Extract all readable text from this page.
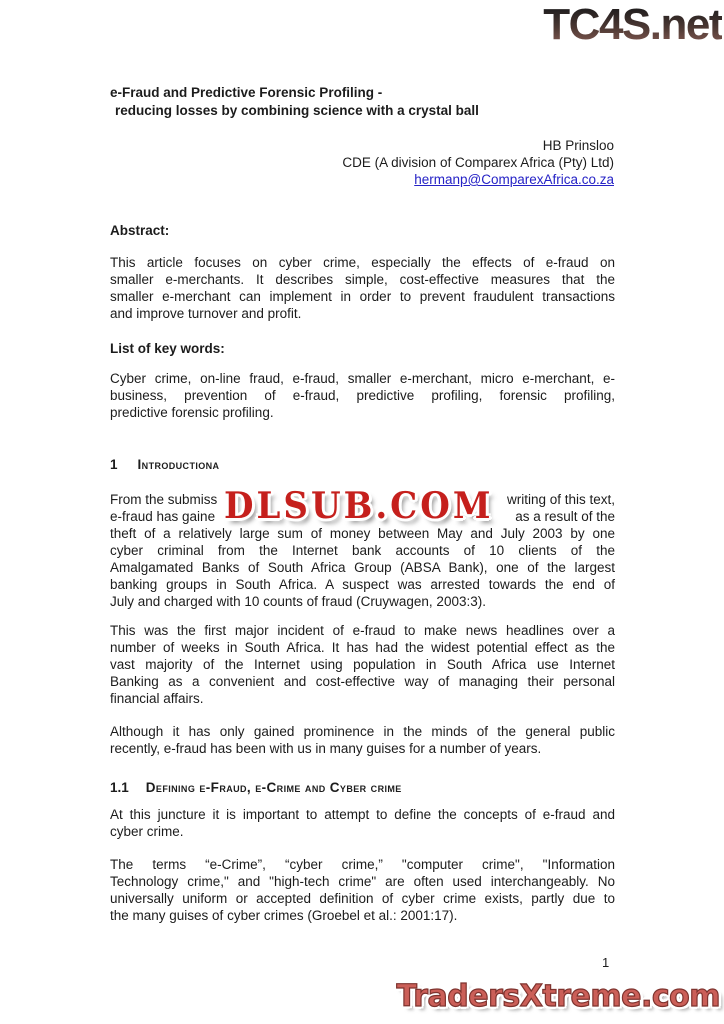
TC4S.net
e-Fraud and Predictive Forensic Profiling -
reducing losses by combining science with a crystal ball
HB Prinsloo
CDE (A division of Comparex Africa (Pty) Ltd)
hermanp@ComparexAfrica.co.za
Abstract:
This article focuses on cyber crime, especially the effects of e-fraud on
smaller e-merchants. It describes simple, cost-effective measures that the
smaller e-merchant can implement in order to prevent fraudulent transactions
and improve turnover and profit.
List of key words:
Cyber crime, on-line fraud, e-fraud, smaller e-merchant, micro e-merchant, e-
business, prevention of e-fraud, predictive profiling, forensic profiling,
predictive forensic profiling.
1 Introductiona
From the submiss	writing of this text,
e-fraud has gaine	as a result of the
theft of a relatively large sum of money between May and July 2003 by one
cyber criminal from the Internet bank accounts of 10 clients of the
Amalgamated Banks of South Africa Group (ABSA Bank), one of the largest
banking groups in South Africa. A suspect was arrested towards the end of
July and charged with 10 counts of fraud (Cruywagen, 2003:3).
DLSUB.COM
This was the first major incident of e-fraud to make news headlines over a
number of weeks in South Africa. It has had the widest potential effect as the
vast majority of the Internet using population in South Africa use Internet
Banking as a convenient and cost-effective way of managing their personal
financial affairs.
Although it has only gained prominence in the minds of the general public
recently, e-fraud has been with us in many guises for a number of years.
1.1 Defining e-Fraud, e-Crime and Cyber crime
At this juncture it is important to attempt to define the concepts of e-fraud and
cyber crime.
The terms “e-Crime”, “cyber crime,” "computer crime", "Information
Technology crime," and "high-tech crime" are often used interchangeably. No
universally uniform or accepted definition of cyber crime exists, partly due to
the many guises of cyber crimes (Groebel et al.: 2001:17).
1
TradersXtreme.com
